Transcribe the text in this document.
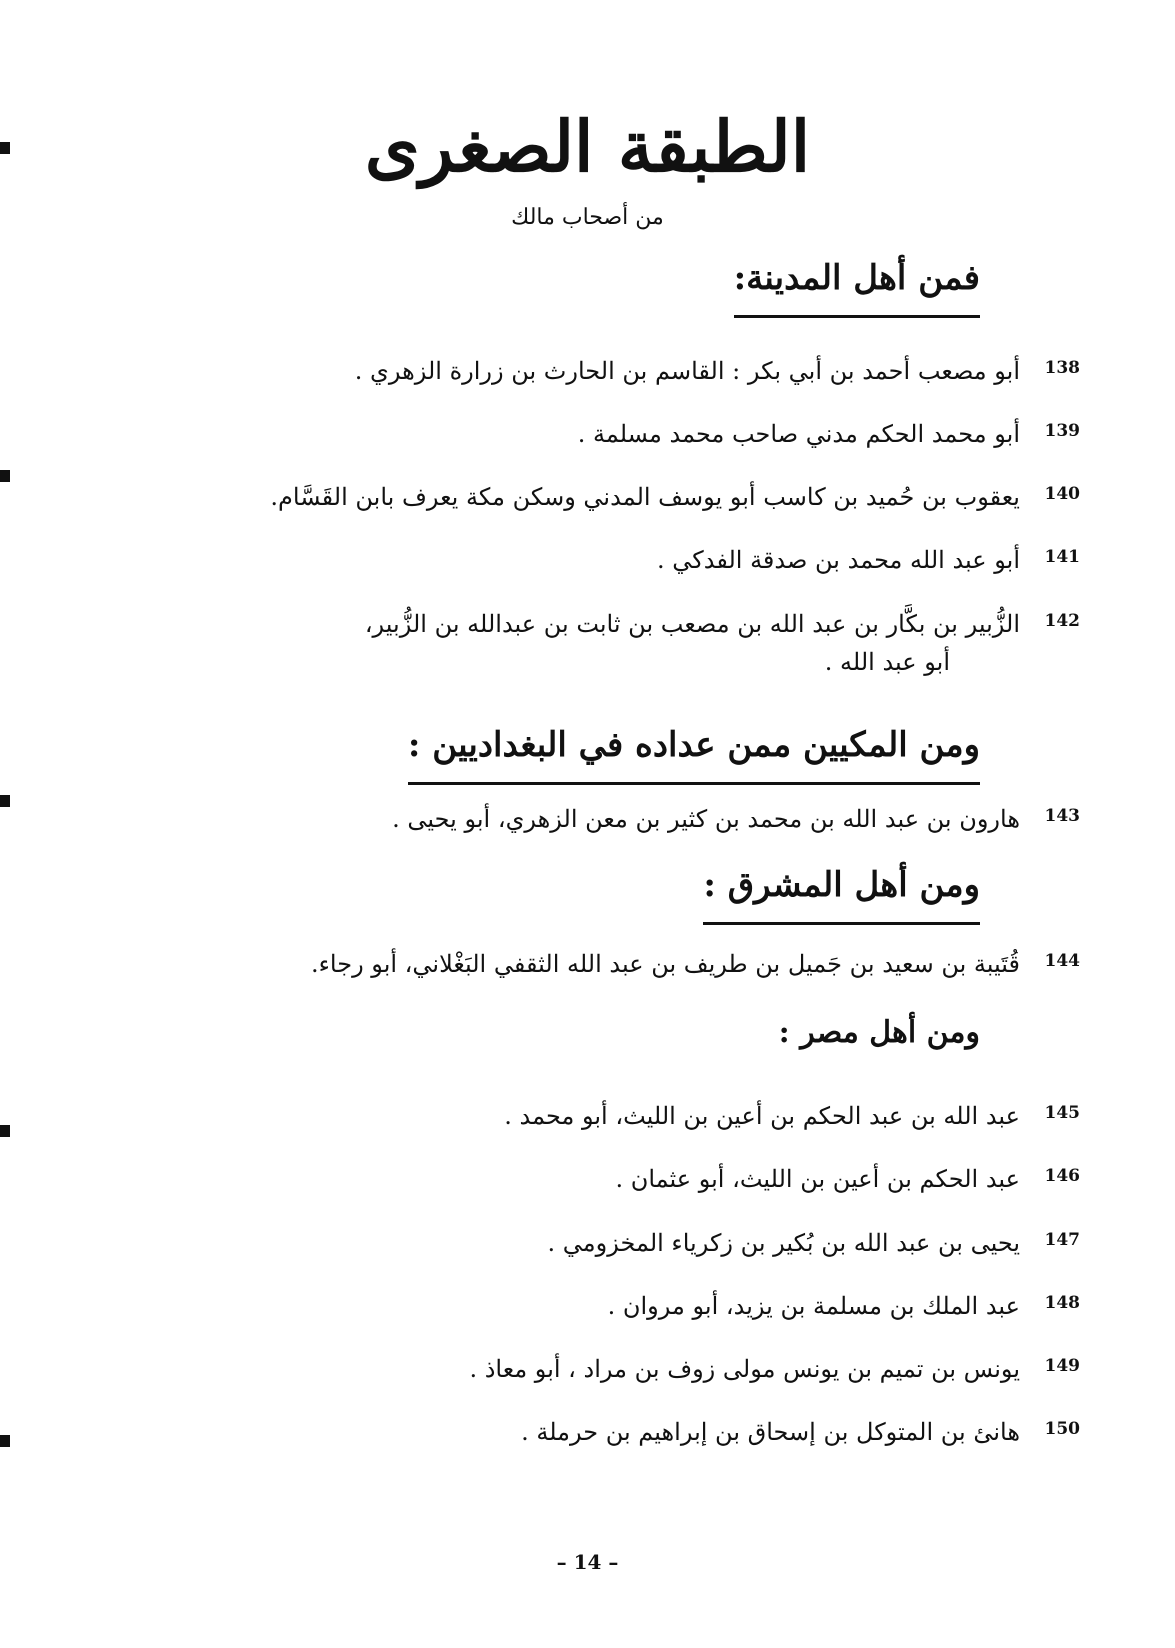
الطبقة الصغرى
من أصحاب مالك
فمن أهل المدينة:
138
أبو مصعب أحمد بن أبي بكر : القاسم بن الحارث بن زرارة الزهري .
139
أبو محمد الحكم مدني صاحب محمد مسلمة .
140
يعقوب بن حُميد بن كاسب أبو يوسف المدني وسكن مكة يعرف بابن القَسَّام.
141
أبو عبد الله محمد بن صدقة الفدكي .
142
الزُّبير بن بكَّار بن عبد الله بن مصعب بن ثابت بن عبدالله بن الزُّبير،
أبو عبد الله .
ومن المكيين ممن عداده في البغداديين :
143
هارون بن عبد الله بن محمد بن كثير بن معن الزهري، أبو يحيى .
ومن أهل المشرق :
144
قُتَيبة بن سعيد بن جَميل بن طريف بن عبد الله الثقفي البَغْلاني، أبو رجاء.
ومن أهل مصر :
145
عبد الله بن عبد الحكم بن أعين بن الليث، أبو محمد .
146
عبد الحكم بن أعين بن الليث، أبو عثمان .
147
يحيى بن عبد الله بن بُكير بن زكرياء المخزومي .
148
عبد الملك بن مسلمة بن يزيد، أبو مروان .
149
يونس بن تميم بن يونس مولى زوف بن مراد ، أبو معاذ .
150
هانئ بن المتوكل بن إسحاق بن إبراهيم بن حرملة .
– 14 –
